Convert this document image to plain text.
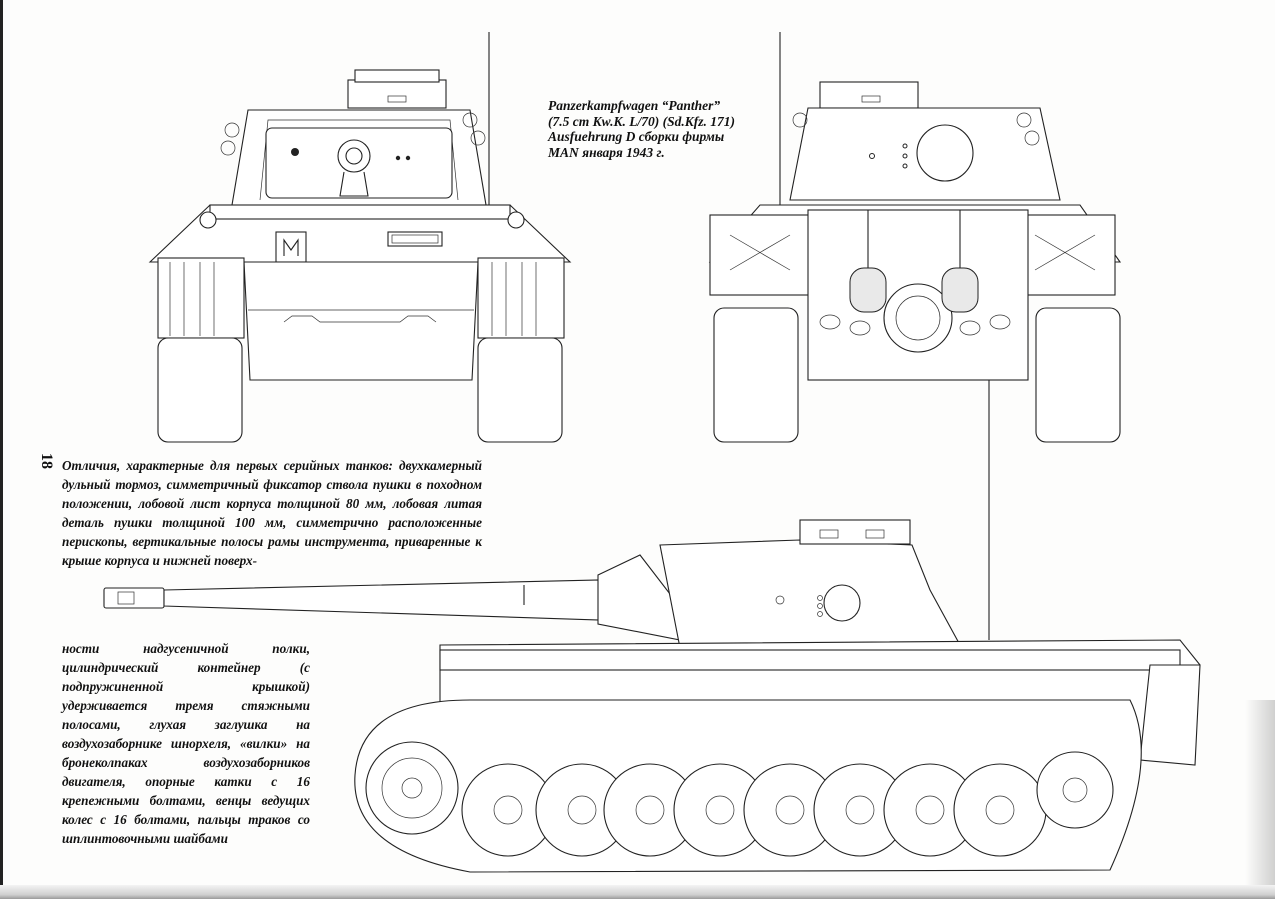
Panzerkampfwagen “Panther”
(7.5 cm Kw.K. L/70) (Sd.Kfz. 171)
Ausfuehrung D сборки фирмы
MAN января 1943 г.
18 Отличия, характерные для первых серийных танков: двухкамерный дульный тормоз, симметричный фиксатор ствола пушки в походном положении, лобовой лист корпуса толщиной 80 мм, лобовая литая деталь пушки толщиной 100 мм, симметрично расположенные перископы, вертикальные полосы рамы инструмента, приваренные к крыше корпуса и нижней поверх-
ности надгусеничной полки, цилиндрический контейнер (с подпружиненной крышкой) удерживается тремя стяжными полосами, глухая заглушка на воздухозаборнике шнорхеля, «вилки» на бронеколпаках воздухозаборников двигателя, опорные катки с 16 крепежными болтами, венцы ведущих колес с 16 болтами, пальцы траков со шплинтовочными шайбами
